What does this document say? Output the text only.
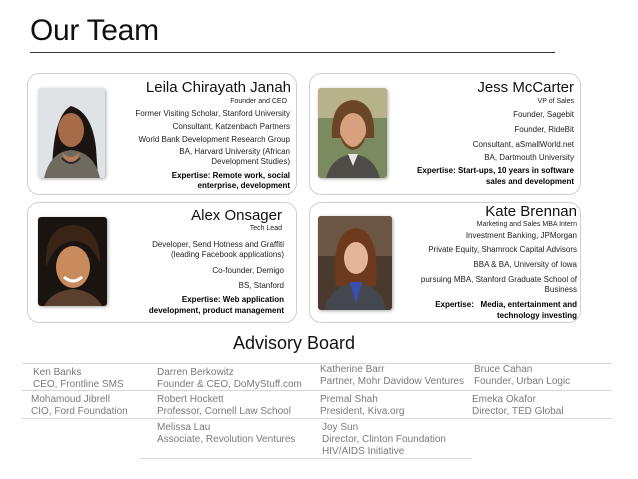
Our Team
Leila Chirayath Janah
Founder and CEO
Former Visiting Scholar, Stanford University
Consultant, Katzenbach Partners
World Bank Development Research Group
BA, Harvard University (African
Development Studies)
Expertise: Remote work, social
enterprise, development
Jess McCarter
VP of Sales
Founder, Sagebit
Founder, RideBit
Consultant, aSmallWorld.net
BA, Dartmouth University
Expertise: Start-ups, 10 years in software
sales and development
Alex Onsager
Tech Lead
Developer, Send Hotness and Graffiti
(leading Facebook applications)
Co-founder, Demigo
BS, Stanford
Expertise: Web application
development, product management
Kate Brennan
Marketing and Sales MBA Intern
Investment Banking, JPMorgan
Private Equity, Shamrock Capital Advisors
BBA & BA, University of Iowa
pursuing MBA, Stanford Graduate School of
Business
Expertise:   Media, entertainment and
technology investing
Advisory Board
Ken Banks
CEO, Frontline SMS
Darren Berkowitz
Founder & CEO, DoMyStuff.com
Katherine Barr
Partner, Mohr Davidow Ventures
Bruce Cahan
Founder, Urban Logic
Mohamoud Jibrell
CIO, Ford Foundation
Robert Hockett
Professor, Cornell Law School
Premal Shah
President, Kiva.org
Emeka Okafor
Director, TED Global
Melissa Lau
Associate, Revolution Ventures
Joy Sun
Director, Clinton Foundation
HIV/AIDS Initiative
